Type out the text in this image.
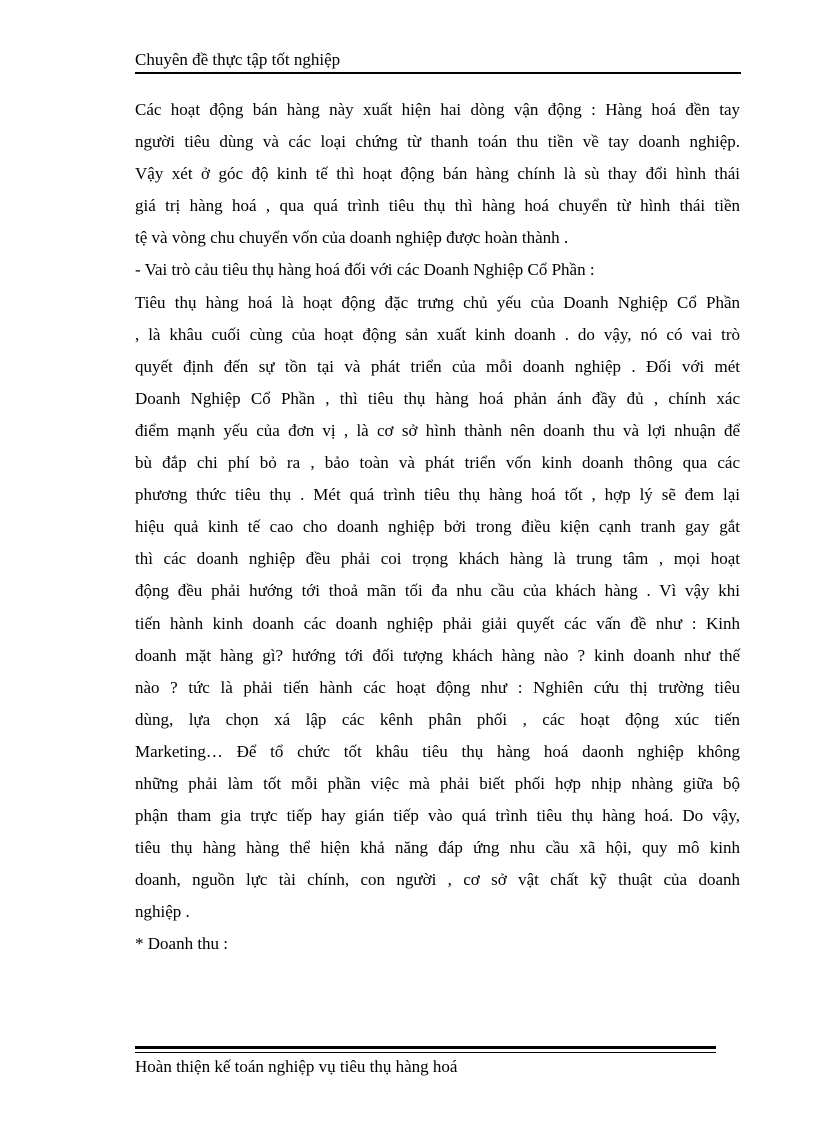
Chuyên đề thực tập tốt nghiệp

Các hoạt động bán hàng này xuất hiện hai dòng vận động : Hàng hoá đền tay
người tiêu dùng và các loại chứng từ thanh toán thu tiền về tay doanh nghiệp.
Vậy xét ở góc độ kinh tế thì hoạt động bán hàng chính là sù thay đổi hình thái
giá trị hàng hoá , qua quá trình tiêu thụ thì hàng hoá chuyển từ hình thái tiền
tệ và vòng chu chuyển vốn của doanh nghiệp được hoàn thành .

- Vai trò cảu tiêu thụ hàng hoá đối với các Doanh Nghiệp Cổ Phần :

Tiêu thụ hàng hoá là hoạt động đặc trưng chủ yếu của Doanh Nghiệp Cổ Phần
, là khâu cuối cùng của hoạt động sản xuất kinh doanh . do vậy, nó có vai trò
quyết định đến sự tồn tại và phát triển của mỗi doanh nghiệp . Đối với mét
Doanh Nghiệp Cổ Phần , thì tiêu thụ hàng hoá phản ánh đầy đủ , chính xác
điểm mạnh yếu của đơn vị , là cơ sở hình thành nên doanh thu và lợi nhuận để
bù đắp chi phí bỏ ra , bảo toàn và phát triển vốn kinh doanh thông qua các
phương thức tiêu thụ . Mét quá trình tiêu thụ hàng hoá tốt , hợp lý sẽ đem lại
hiệu quả kinh tế cao cho doanh nghiệp bởi trong điều kiện cạnh tranh gay gắt
thì các doanh nghiệp đều phải coi trọng khách hàng là trung tâm , mọi hoạt
động đều phải hướng tới thoả mãn tối đa nhu cầu của khách hàng . Vì vậy khi
tiến hành kinh doanh các doanh nghiệp phải giải quyết các vấn đề như : Kinh
doanh mặt hàng gì? hướng tới đối tượng khách hàng nào ? kinh doanh như thế
nào ? tức là phải tiến hành các hoạt động như : Nghiên cứu thị trường tiêu
dùng, lựa chọn xá lập các kênh phân phối , các hoạt động xúc tiến
Marketing… Để tổ chức tốt khâu tiêu thụ hàng hoá daonh nghiệp không
những phải làm tốt mỗi phần việc mà phải biết phối hợp nhịp nhàng giữa bộ
phận tham gia trực tiếp hay gián tiếp vào quá trình tiêu thụ hàng hoá. Do vậy,
tiêu thụ hàng hàng thể hiện khả năng đáp ứng nhu cầu xã hội, quy mô kinh
doanh, nguồn lực tài chính, con người , cơ sở vật chất kỹ thuật của doanh
nghiệp .

* Doanh thu :

Hoàn thiện kế toán nghiệp vụ tiêu thụ hàng hoá
